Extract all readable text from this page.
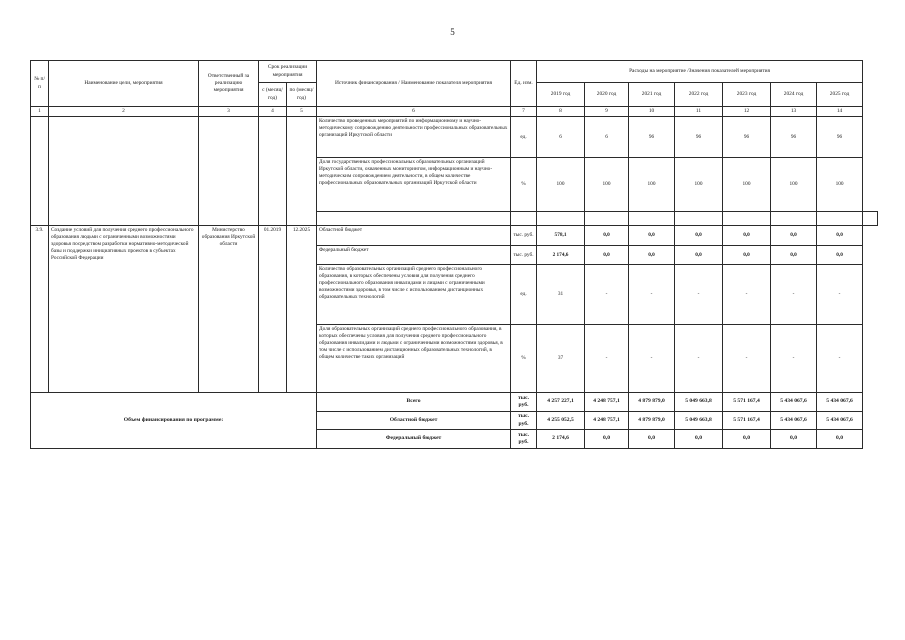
5
№ п/п	Наименование цели, мероприятия	Ответственный за реализацию мероприятия	Срок реализации мероприятия		Источник финансирования / Наименование показателя мероприятия	Ед. изм.	Расходы на мероприятие /Значения показателей мероприятия							
			с (месяц/ год)	по (месяц/ год)			2019 год	2020 год	2021 год	2022 год	2023 год	2024 год	2025 год	
1	2	3	4	5	6	7	8	9	10	11	12	13	14	
					Количество проведенных мероприятий по информационному и научно-методическому сопровождению деятельности профессиональных образовательных организаций Иркутской области	ед.	6	6	96	96	96	96	96	
					Доля государственных профессиональных образовательных организаций Иркутской области, охваченных мониторингом, информационным и научно-методическим сопровождением деятельности, в общем количестве профессиональных образовательных организаций Иркутской области	%	100	100	100	100	100	100	100	

3.9.	Создание условий для получения среднего профессионального образования людьми с ограниченными возможностями здоровья посредством разработки нормативно-методической базы и поддержки инициативных проектов в субъектах Российской Федерации	Министерство образования Иркутской области	01.2019	12.2025	Областной бюджет	тыс. руб.	578,1	0,0	0,0	0,0	0,0	0,0	0,0	
					Федеральный бюджет	тыс. руб.	2 174,6	0,0	0,0	0,0	0,0	0,0	0,0	
					Количество образовательных организаций среднего профессионального образования, в которых обеспечены условия для получения среднего профессионального образования инвалидами и лицами с ограниченными возможностями здоровья, в том числе с использованием дистанционных образовательных технологий	ед.	31	-	-	-	-	-	-	
					Доля образовательных организаций среднего профессионального образования, в которых обеспечены условия для получения среднего профессионального образования инвалидами и людьми с ограниченными возможностями здоровья, в том числе с использованием дистанционных образовательных технологий, в общем количестве таких организаций	%	37	-	-	-	-	-	-	
Объем финансирования по программе:					Всего	тыс. руб.	4 257 227,1	4 248 757,1	4 879 879,0	5 049 663,8	5 571 167,4	5 434 067,6	5 434 067,6	
					Областной бюджет	тыс. руб.	4 255 052,5	4 248 757,1	4 879 879,0	5 049 663,8	5 571 167,4	5 434 067,6	5 434 067,6	
					Федеральный бюджет	тыс. руб.	2 174,6	0,0	0,0	0,0	0,0	0,0	0,0	
